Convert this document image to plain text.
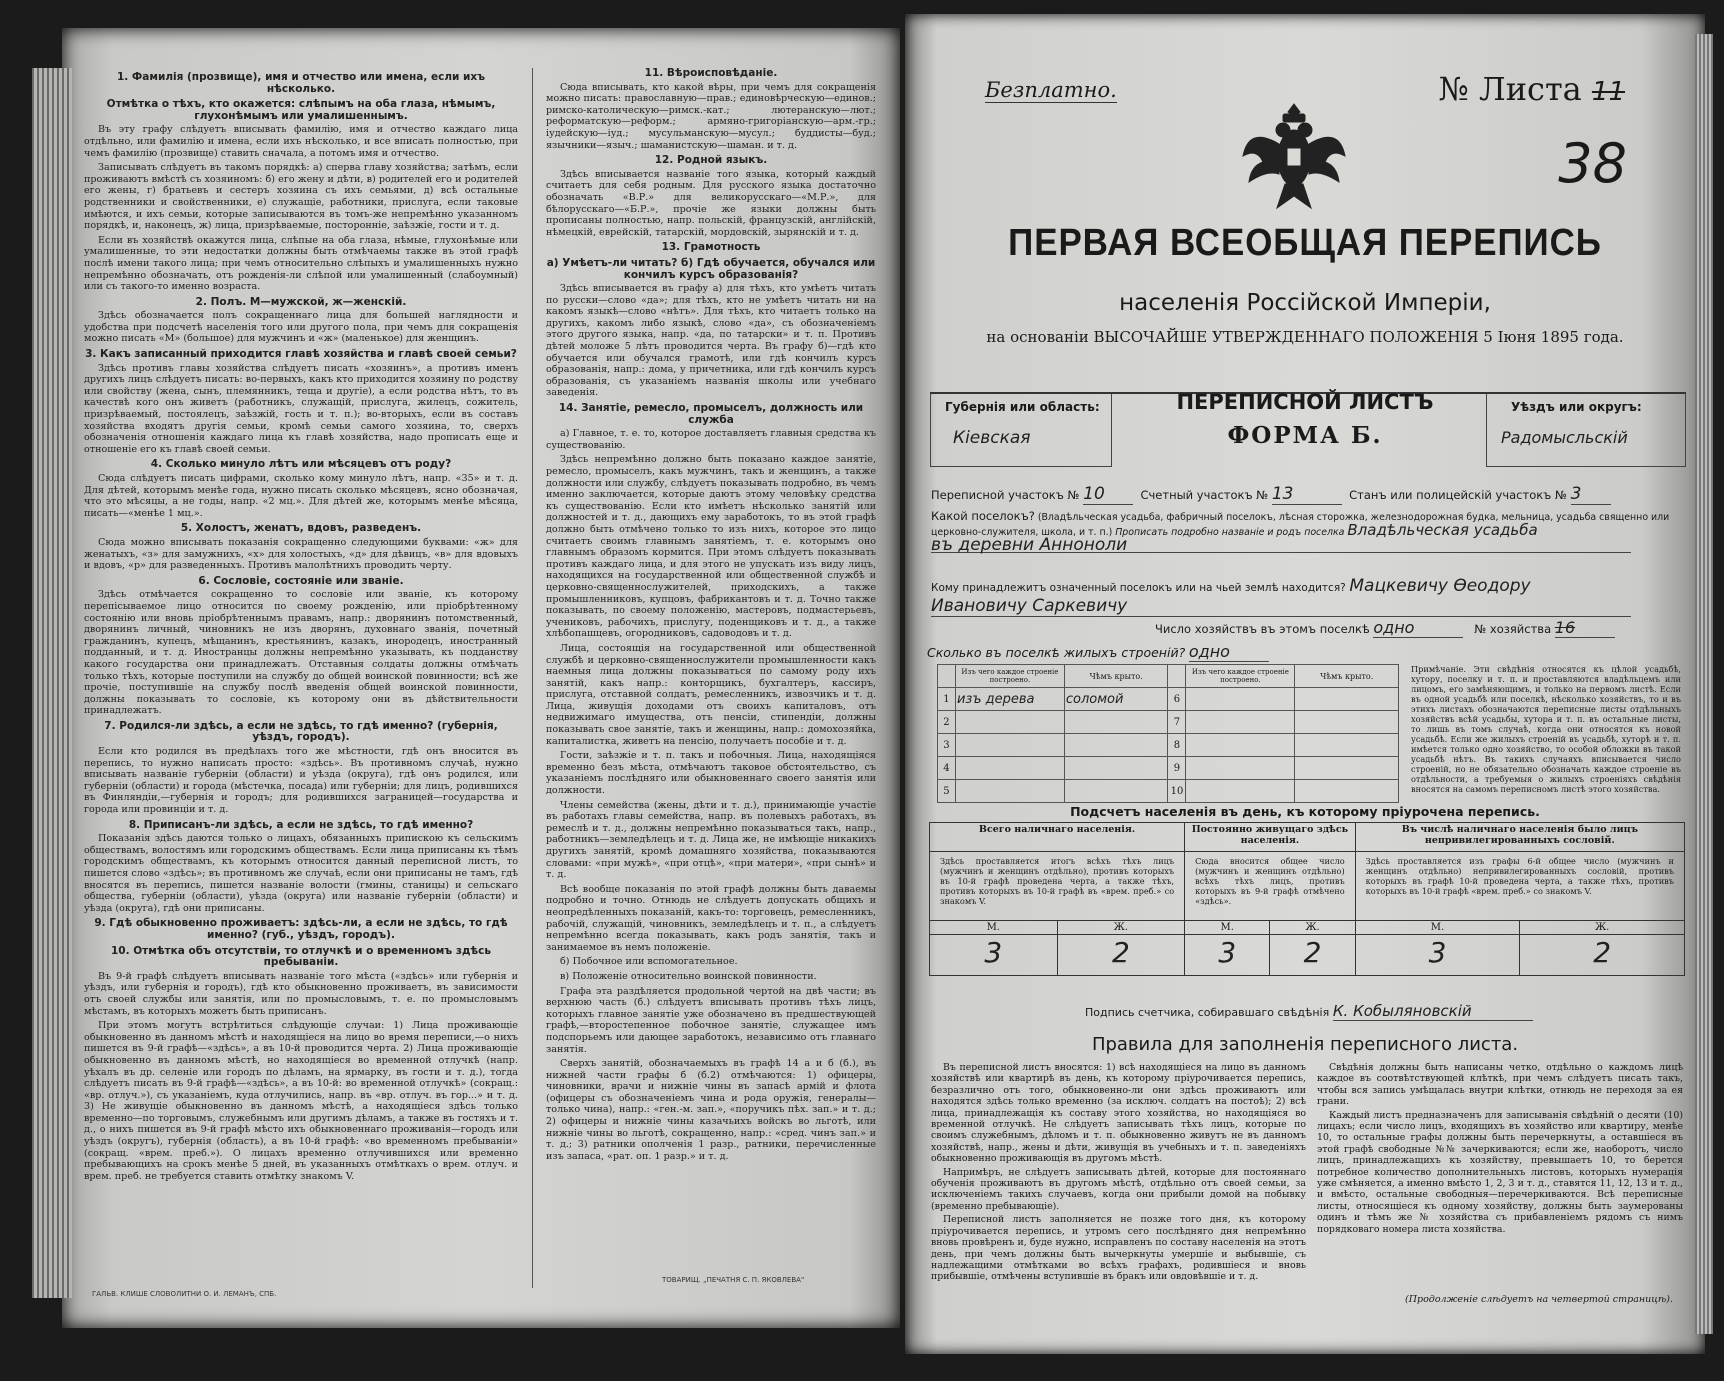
1. Фамилія (прозвище), имя и отчество или имена, если ихъ нѣсколько.
Отмѣтка о тѣхъ, кто окажется: слѣпымъ на оба глаза, нѣмымъ, глухонѣмымъ или умалишеннымъ.

Въ эту графу слѣдуетъ вписывать фамилію, имя и отчество каждаго лица отдѣльно, или фамилію и имена, если ихъ нѣсколько, и все вписать полностью, при чемъ фамилію (прозвище) ставить сначала, а потомъ имя и отчество.

Записывать слѣдуетъ въ такомъ порядкѣ: а) сперва главу хозяйства; затѣмъ, если проживаютъ вмѣстѣ съ хозяиномъ: б) его жену и дѣти, в) родителей его и родителей его жены, г) братьевъ и сестеръ хозяина съ ихъ семьями, д) всѣ остальные родственники и свойственники, е) служащіе, работники, прислуга, если таковые имѣются, и ихъ семьи, которые записываются въ томъ-же непремѣнно указанномъ порядкѣ, и, наконецъ, ж) лица, призрѣваемые, посторонніе, заѣзжіе, гости и т. д.

Если въ хозяйствѣ окажутся лица, слѣпые на оба глаза, нѣмые, глухонѣмые или умалишенные, то эти недостатки должны быть отмѣчаемы также въ этой графѣ послѣ имени такого лица; при чемъ относительно слѣпыхъ и умалишенныхъ нужно непремѣнно обозначать, отъ рожденія-ли слѣпой или умалишенный (слабоумный) или съ такого-то именно возраста.

2. Полъ. М—мужской, ж—женскій.

Здѣсь обозначается полъ сокращеннаго лица для большей наглядности и удобства при подсчетѣ населенія того или другого пола, при чемъ для сокращенія можно писать «М» (большое) для мужчинъ и «ж» (маленькое) для женщинъ.

3. Какъ записанный приходится главѣ хозяйства и главѣ своей семьи?

Здѣсь противъ главы хозяйства слѣдуетъ писать «хозяинъ», а противъ именъ другихъ лицъ слѣдуетъ писать: во-первыхъ, какъ кто приходится хозяину по родству или свойству (жена, сынъ, племянникъ, теща и другіе), а если родства нѣтъ, то въ качествѣ кого онъ живетъ (работникъ, служащій, прислуга, жилецъ, сожитель, призрѣваемый, постоялецъ, заѣзжій, гость и т. п.); во-вторыхъ, если въ составъ хозяйства входятъ другія семьи, кромѣ семьи самого хозяина, то, сверхъ обозначенія отношенія каждаго лица къ главѣ хозяйства, надо прописать еще и отношеніе его къ главѣ своей семьи.

4. Сколько минуло лѣтъ или мѣсяцевъ отъ роду?

Сюда слѣдуетъ писать цифрами, сколько кому минуло лѣтъ, напр. «35» и т. д. Для дѣтей, которымъ менѣе года, нужно писать сколько мѣсяцевъ, ясно обозначая, что это мѣсяцы, а не годы, напр. «2 мц.». Для дѣтей же, которымъ менѣе мѣсяца, писать—«менѣе 1 мц.».

5. Холостъ, женатъ, вдовъ, разведенъ.

Сюда можно вписывать показанія сокращенно следующими буквами: «ж» для женатыхъ, «з» для замужнихъ, «х» для холостыхъ, «д» для дѣвицъ, «в» для вдовыхъ и вдовъ, «р» для разведенныхъ. Противъ малолѣтнихъ проводить черту.

6. Сословіе, состояніе или званіе.

Здѣсь отмѣчается сокращенно то сословіе или званіе, къ которому перепісываемое лицо относится по своему рожденію, или пріобрѣтенному состоянію или вновь пріобрѣтеннымъ правамъ, напр.: дворянинъ потомственный, дворянинъ личный, чиновникъ не изъ дворянъ, духовнаго званія, почетный гражданинъ, купецъ, мѣщанинъ, крестьянинъ, казакъ, инородецъ, иностранный подданный, и т. д. Иностранцы должны непремѣнно указывать, къ подданству какого государства они принадлежатъ. Отставныя солдаты должны отмѣчать только тѣхъ, которые поступили на службу до общей воинской повинности; всѣ же прочіе, поступившіе на службу послѣ введенія общей воинской повинности, должны показывать то сословіе, къ которому они въ дѣйствительности принадлежатъ.

7. Родился-ли здѣсь, а если не здѣсь, то гдѣ именно? (губернія, уѣздъ, городъ).

Если кто родился въ предѣлахъ того же мѣстности, гдѣ онъ вносится въ перепись, то нужно написать просто: «здѣсь». Въ противномъ случаѣ, нужно вписывать названіе губерніи (области) и уѣзда (округа), гдѣ онъ родился, или губерніи (области) и города (мѣстечка, посада) или губерніи; для лицъ, родившихся въ Финляндіи,—губернія и городъ; для родившихся заграницей—государства и города или провинціи и т. д.

8. Приписанъ-ли здѣсь, а если не здѣсь, то гдѣ именно?

Показанія здѣсь даются только о лицахъ, обязанныхъ припискою къ сельскимъ обществамъ, волостямъ или городскимъ обществамъ. Если лица приписаны къ тѣмъ городскимъ обществамъ, къ которымъ относится данный переписной листъ, то пишется слово «здѣсь»; въ противномъ же случаѣ, если они приписаны не тамъ, гдѣ вносятся въ перепись, пишется названіе волости (гмины, станицы) и сельскаго общества, губерніи (области), уѣзда (округа) или названіе губерніи (области) и уѣзда (округа), гдѣ они приписаны.

9. Гдѣ обыкновенно проживаетъ: здѣсь-ли, а если не здѣсь, то гдѣ именно? (губ., уѣздъ, городъ).
10. Отмѣтка объ отсутствіи, то отлучкѣ и о временномъ здѣсь пребываніи.

Въ 9-й графѣ слѣдуетъ вписывать названіе того мѣста («здѣсь» или губернія и уѣздъ, или губернія и городъ), гдѣ кто обыкновенно проживаетъ, въ зависимости отъ своей службы или занятія, или по промысловымъ, т. е. по промысловымъ мѣстамъ, въ которыхъ можетъ быть приписанъ.

При этомъ могутъ встрѣтиться слѣдующіе случаи: 1) Лица проживающіе обыкновенно въ данномъ мѣстѣ и находящіеся на лицо во время переписи,—о нихъ пишется въ 9-й графѣ—«здѣсь», а въ 10-й проводится черта. 2) Лица проживающіе обыкновенно въ данномъ мѣстѣ, но находящіеся во временной отлучкѣ (напр. уѣхалъ въ др. селеніе или городъ по дѣламъ, на ярмарку, въ гости и т. д.), тогда слѣдуетъ писать въ 9-й графѣ—«здѣсь», а въ 10-й: во временной отлучкѣ» (сокращ.: «вр. отлуч.»), съ указаніемъ, куда отлучились, напр. въ «вр. отлуч. въ гор...» и т. д. 3) Не живущіе обыкновенно въ данномъ мѣстѣ, а находящіеся здѣсь только временно—по торговымъ, служебнымъ или другимъ дѣламъ, а также въ гостяхъ и т. д., о нихъ пишется въ 9-й графѣ мѣсто ихъ обыкновеннаго проживанія—городъ или уѣздъ (округъ), губернія (область), а въ 10-й графѣ: «во временномъ пребываніи» (сокращ. «врем. преб.»). О лицахъ временно отлучившихся или временно пребывающихъ на срокъ менѣе 5 дней, въ указанныхъ отмѣткахъ о врем. отлуч. и врем. преб. не требуется ставить отмѣтку знакомъ V.

11. Вѣроисповѣданіе.

Сюда вписывать, кто какой вѣры, при чемъ для сокращенія можно писать: православную—прав.; единовѣрческую—единов.; римско-католическую—римск.-кат.; лютеранскую—лют.; реформатскую—реформ.; армяно-григоріанскую—арм.-гр.; іудейскую—іуд.; мусульманскую—мусул.; буддисты—буд.; язычники—языч.; шаманистскую—шаман. и т. д.

12. Родной языкъ.

Здѣсь вписывается названіе того языка, который каждый считаетъ для себя родным. Для русского языка достаточно обозначать «В.Р.» для великорусскаго—«М.Р.», для бѣлорусскаго—«Б.Р.», прочіе же языки должны быть прописаны полностью, напр. польскій, французскій, англійскій, нѣмецкій, еврейскій, татарскій, мордовскій, зырянскій и т. д.

13. Грамотность
а) Умѣетъ-ли читать? б) Гдѣ обучается, обучался или кончилъ курсъ образованія?

Здѣсь вписывается въ графу а) для тѣхъ, кто умѣетъ читать по русски—слово «да»; для тѣхъ, кто не умѣетъ читать ни на какомъ языкѣ—слово «нѣтъ». Для тѣхъ, кто читаетъ только на другихъ, какомъ либо языкѣ, слово «да», съ обозначеніемъ этого другого языка, напр. «да, по татарски» и т. п. Противъ дѣтей моложе 5 лѣтъ проводится черта. Въ графу б)—гдѣ кто обучается или обучался грамотѣ, или гдѣ кончилъ курсъ образованія, напр.: дома, у причетника, или гдѣ кончилъ курсъ образованія, съ указаніемъ названія школы или учебнаго заведенія.

14. Занятіе, ремесло, промыселъ, должность или служба

а) Главное, т. е. то, которое доставляетъ главныя средства къ существованію.

Здѣсь непремѣнно должно быть показано каждое занятіе, ремесло, промыселъ, какъ мужчинъ, такъ и женщинъ, а также должности или службу, слѣдуетъ показывать подробно, въ чемъ именно заключается, которые даютъ этому человѣку средства къ существованію. Если кто имѣетъ нѣсколько занятій или должностей и т. д., дающихъ ему заработокъ, то въ этой графѣ должно быть отмѣчено только то изъ нихъ, которое это лицо считаетъ своимъ главнымъ занятіемъ, т. е. которымъ оно главнымъ образомъ кормится. При этомъ слѣдуетъ показывать противъ каждаго лица, и для этого не упускать изъ виду лицъ, находящихся на государственной или общественной службѣ и церковно-священнослужителей, приходскихъ, а также промышленниковъ, купцовъ, фабрикантовъ и т. д. Точно также показывать, по своему положенію, мастеровъ, подмастерьевъ, учениковъ, рабочихъ, прислугу, поденщиковъ и т. д., а также хлѣбопашцевъ, огородниковъ, садоводовъ и т. д.

Лица, состоящія на государственной или общественной службѣ и церковно-священнослужители промышленности какъ наемныя лица должны показываться по самому роду ихъ занятій, какъ напр.: конторщикъ, бухгалтеръ, кассиръ, прислуга, отставной солдатъ, ремесленникъ, извозчикъ и т. д. Лица, живущія доходами отъ своихъ капиталовъ, отъ недвижимаго имущества, отъ пенсіи, стипендіи, должны показывать свое занятіе, такъ и женщины, напр.: домохозяйка, капиталистка, живетъ на пенсію, получаетъ пособіе и т. д.

Гости, заѣзжіе и т. п. такъ и побочныя. Лица, находящіяся временно безъ мѣста, отмѣчаютъ таковое обстоятельство, съ указаніемъ послѣдняго или обыкновеннаго своего занятія или должности.

Члены семейства (жены, дѣти и т. д.), принимающіе участіе въ работахъ главы семейства, напр. въ полевыхъ работахъ, въ ремеслѣ и т. д., должны непремѣнно показываться такъ, напр., работникъ—земледѣлецъ и т. д. Лица же, не имѣющіе никакихъ другихъ занятій, кромѣ домашняго хозяйства, показываются словами: «при мужѣ», «при отцѣ», «при матери», «при сынѣ» и т. д.

Всѣ вообще показанія по этой графѣ должны быть даваемы подробно и точно. Отнюдь не слѣдуетъ допускать общихъ и неопредѣленныхъ показаній, какъ-то: торговецъ, ремесленникъ, рабочій, служащій, чиновникъ, земледѣлецъ и т. п., а слѣдуетъ непремѣнно всегда показывать, какъ родъ занятія, такъ и занимаемое въ немъ положеніе.

б) Побочное или вспомогательное.

в) Положеніе относительно воинской повинности.

Графа эта раздѣляется продольной чертой на двѣ части; въ верхнюю часть (б.) слѣдуетъ вписывать противъ тѣхъ лицъ, которыхъ главное занятіе уже обозначено въ предшествующей графѣ,—второстепенное побочное занятіе, служащее имъ подспорьемъ или дающее заработокъ, независимо отъ главнаго занятія.

Сверхъ занятій, обозначаемыхъ въ графѣ 14 а и б (б.), въ нижней части графы б (б.2) отмѣчаются: 1) офицеры, чиновники, врачи и нижніе чины въ запасѣ армій и флота (офицеры съ обозначеніемъ чина и рода оружія, генералы—только чина), напр.: «ген.-м. зап.», «поручикъ пѣх. зап.» и т. д.; 2) офицеры и нижніе чины казачьихъ войскъ во льготѣ, или нижніе чины во льготѣ, сокращенно, напр.: «сред. чинъ зап.» и т. д.; 3) ратники ополченія 1 разр., ратники, перечисленные изъ запаса, «рат. оп. 1 разр.» и т. д.

ГАЛЬВ. КЛИШЕ СЛОВОЛИТНИ О. И. ЛЕМАНЪ, СПБ.
ТОВАРИЩ. „ПЕЧАТНЯ С. П. ЯКОВЛЕВА"
Безплатно.	№ Листа 11
38
ПЕРВАЯ ВСЕОБЩАЯ ПЕРЕПИСЬ
населенія Россійской Имперіи,
на основаніи ВЫСОЧАЙШЕ УТВЕРЖДЕННАГО ПОЛОЖЕНІЯ 5 Іюня 1895 года.
Губернія или область:
Кіевская
ПЕРЕПИСНОЙ ЛИСТЪ
ФОРМА Б.
Уѣздъ или округъ:
Радомысльскій
Переписной участокъ № 10	Счетный участокъ № 13	Станъ или полицейскій участокъ № 3
Какой поселокъ? (Владѣльческая усадьба, фабричный поселокъ, лѣсная сторожка, железнодорожная будка, мельница, усадьба священно или церковно-служителя, школа, и т. п.) Прописать подробно названіе и родъ поселка Владѣльческая усадьба
въ деревни Анноноли
Кому принадлежитъ означенный поселокъ или на чьей землѣ находится? Мацкевичу Өеодору
Ивановичу Саркевичу
Число хозяйствъ въ этомъ поселкѣ одно	№ хозяйства 16
Сколько въ поселкѣ жилыхъ строеній? одно
	Изъ чего каждое строеніе построено.	Чѣмъ крыто.		Изъ чего каждое строеніе построено.	Чѣмъ крыто.
1	изъ дерева	соломой	6		
2			7		
3			8		
4			9		
5			10		
Примѣчаніе. Эти свѣдѣнія относятся къ цѣлой усадьбѣ, хутору, поселку и т. п. и проставляются владѣльцемъ или лицомъ, его замѣняющимъ, и только на первомъ листѣ. Если въ одной усадьбѣ или поселкѣ, нѣсколько хозяйствъ, то и въ этихъ листахъ обозначаются переписные листы отдѣльныхъ хозяйствъ всѣй усадьбы, хутора и т. п. въ остальные листы, то лишь въ томъ случаѣ, когда они относятся къ новой усадьбѣ. Если же жилыхъ строеній въ усадьбѣ, хуторѣ и т. п. имѣется только одно хозяйство, то особой обложки въ такой усадьбѣ нѣтъ. Въ такихъ случаяхъ вписывается число строеній, но не обязательно обозначать каждое строеніе въ отдѣльности, а требуемыя о жилыхъ строеніяхъ свѣдѣнія вносятся на самомъ переписномъ листѣ этого хозяйства.
Подсчетъ населенія въ день, къ которому пріурочена перепись.
Всего наличнаго населенія.		Постоянно живущаго здѣсь населенія.		Въ числѣ наличнаго населенія было лицъ непривилегированныхъ сословій.	
Здѣсь проставляется итогъ всѣхъ тѣхъ лицъ (мужчинъ и женщинъ отдѣльно), противъ которыхъ въ 10-й графѣ проведена черта, а также тѣхъ, противъ которыхъ въ 10-й графѣ въ «врем. преб.» со знакомъ V.		Сюда вносится общее число (мужчинъ и женщинъ отдѣльно) всѣхъ тѣхъ лицъ, противъ которыхъ въ 9-й графѣ отмѣчено «здѣсь».		Здѣсь проставляется изъ графы 6-й общее число (мужчинъ и женщинъ отдѣльно) непривилегированныхъ сословій, противъ которыхъ въ графѣ 10-й проведена черта, а также тѣхъ, противъ которыхъ въ 10-й графѣ «врем. преб.» со знакомъ V.	
М.	Ж.	М.	Ж.	М.	Ж.
3	2	3	2	3	2
Подпись счетчика, собиравшаго свѣдѣнія К. Кобыляновскій
Правила для заполненія переписного листа.

Въ переписной листъ вносятся: 1) всѣ находящіеся на лицо въ данномъ хозяйствѣ или квартирѣ въ день, къ которому пріурочивается перепись, безразлично отъ того, обыкновенно-ли они здѣсь проживаютъ или находятся здѣсь только временно (за исключ. солдатъ на постоѣ); 2) всѣ лица, принадлежащія къ составу этого хозяйства, но находящіяся во временной отлучкѣ. Не слѣдуетъ записывать тѣхъ лицъ, которые по своимъ служебнымъ, дѣломъ и т. п. обыкновенно живутъ не въ данномъ хозяйствѣ, напр., жены и дѣти, живущія въ учебныхъ и т. п. заведеніяхъ обыкновенно проживающія въ другомъ мѣстѣ.

Напримѣръ, не слѣдуетъ записывать дѣтей, которые для постояннаго обученія проживаютъ въ другомъ мѣстѣ, отдѣльно отъ своей семьи, за исключеніемъ такихъ случаевъ, когда они прибыли домой на побывку (временно пребывающіе).

Переписной листъ заполняется не позже того дня, къ которому пріурочивается перепись, и утромъ сего послѣдняго дня непремѣнно вновь провѣренъ и, буде нужно, исправленъ по составу населенія на этотъ день, при чемъ должны быть вычеркнуты умершіе и выбывшіе, съ надлежащими отмѣтками во всѣхъ графахъ, родившіеся и вновь прибывшіе, отмѣчены вступившіе въ бракъ или овдовѣвшіе и т. д.

Свѣдѣнія должны быть написаны четко, отдѣльно о каждомъ лицѣ каждое въ соотвѣтствующей клѣткѣ, при чемъ слѣдуетъ писать такъ, чтобы вся запись умѣщалась внутри клѣтки, отнюдь не переходя за ея грани.

Каждый листъ предназначенъ для записыванія свѣдѣній о десяти (10) лицахъ; если число лицъ, входящихъ въ хозяйство или квартиру, менѣе 10, то остальные графы должны быть перечеркнуты, а оставшіеся въ этой графѣ свободные №№ зачеркиваются; если же, наоборотъ, число лицъ, принадлежащихъ къ хозяйству, превышаетъ 10, то берется потребное количество дополнительныхъ листовъ, которыхъ нумерація уже смѣняется, а именно вмѣсто 1, 2, 3 и т. д., ставятся 11, 12, 13 и т. д., и вмѣсто, остальные свободныя—перечеркиваются. Всѣ переписные листы, относящіеся къ одному хозяйству, должны быть заумерованы одинъ и тѣмъ же № хозяйства съ прибавленіемъ рядомъ съ нимъ порядковаго номера листа хозяйства.

(Продолженіе слѣдуетъ на четвертой страницѣ).
